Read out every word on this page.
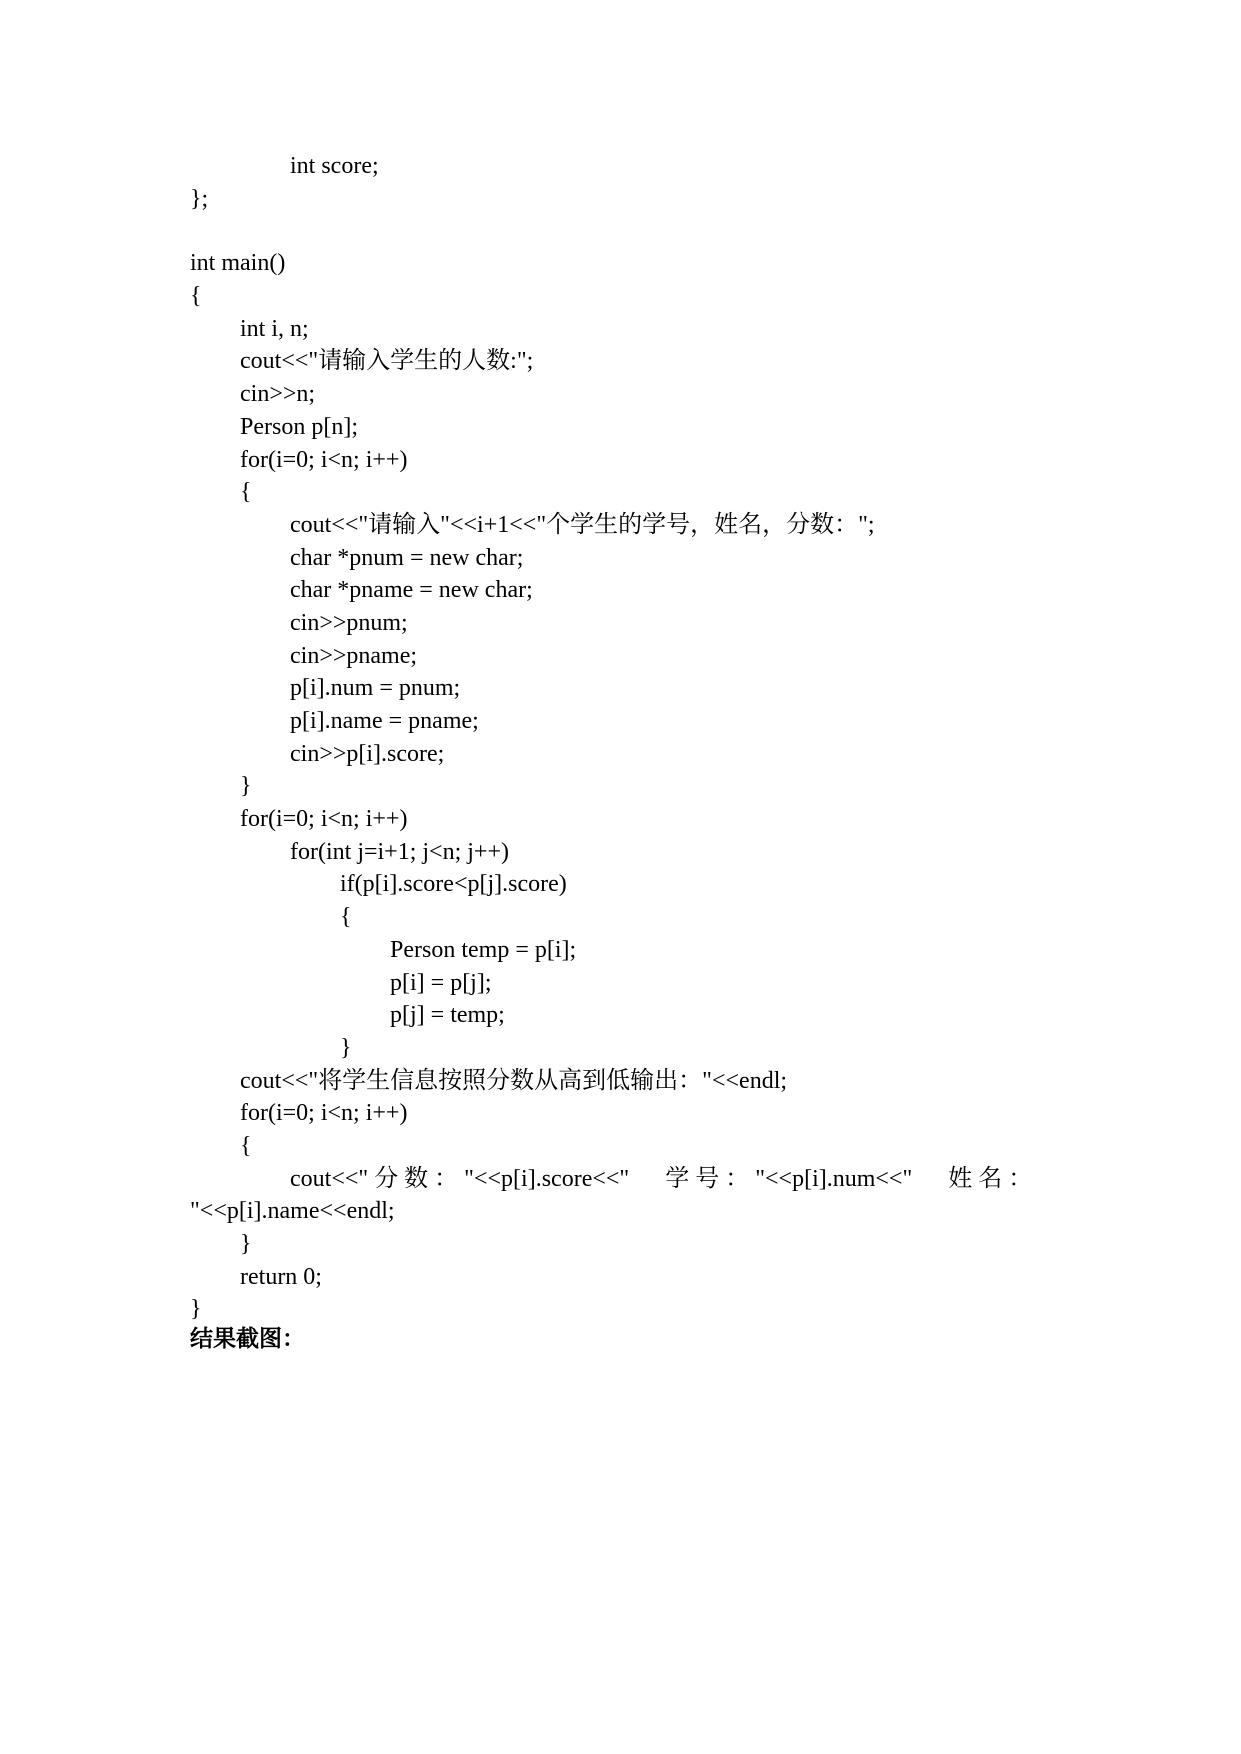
int score;
};
int main()
{
int i, n;
cout<<"请输入学生的人数:";
cin>>n;
Person p[n];
for(i=0; i<n; i++)
{
cout<<"请输入"<<i+1<<"个学生的学号，姓名，分数：";
char *pnum = new char;
char *pname = new char;
cin>>pnum;
cin>>pname;
p[i].num = pnum;
p[i].name = pname;
cin>>p[i].score;
}
for(i=0; i<n; i++)
for(int j=i+1; j<n; j++)
if(p[i].score<p[j].score)
{
Person temp = p[i];
p[i] = p[j];
p[j] = temp;
}
cout<<"将学生信息按照分数从高到低输出："<<endl;
for(i=0; i<n; i++)
{
cout<<" 分 数 ： "<<p[i].score<<"      学 号 ： "<<p[i].num<<"      姓 名 ：
"<<p[i].name<<endl;
}
return 0;
}
结果截图：
